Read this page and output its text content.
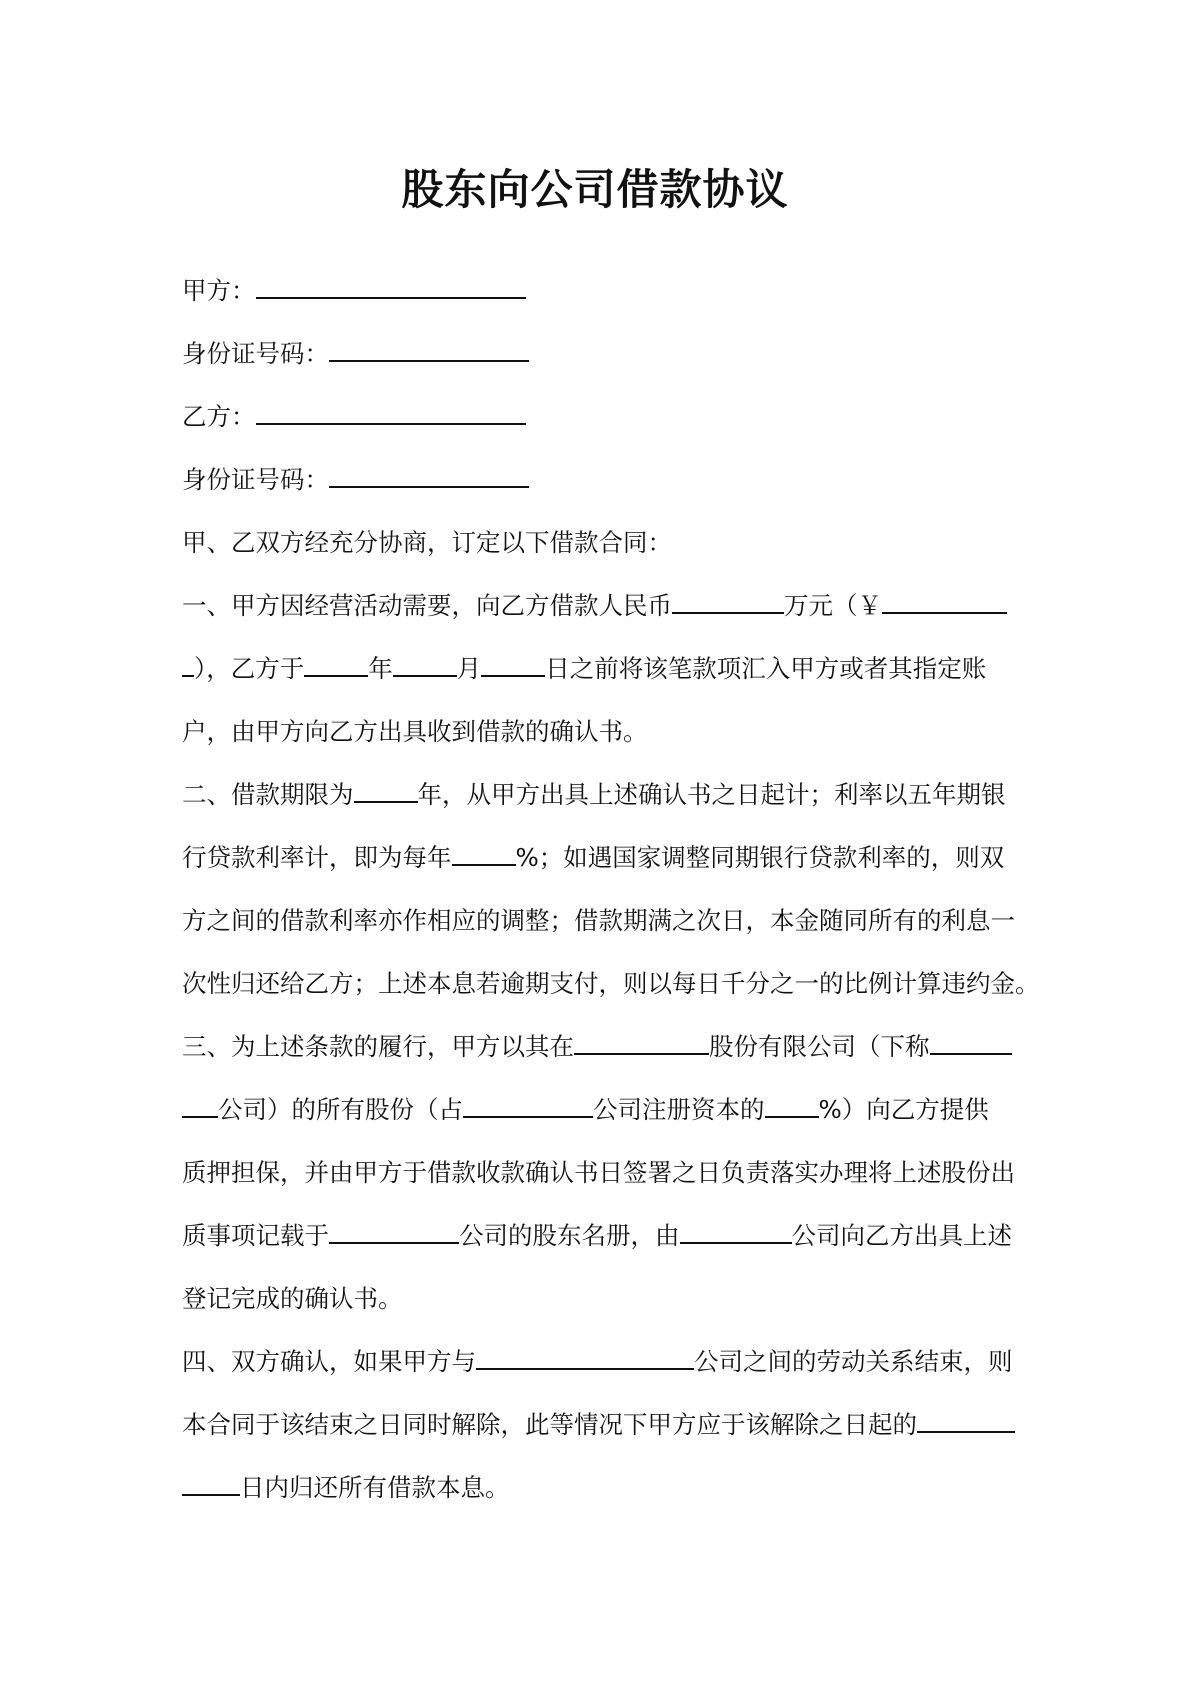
股东向公司借款协议
甲方：
身份证号码：
乙方：
身份证号码：
甲、乙双方经充分协商，订定以下借款合同：
一、甲方因经营活动需要，向乙方借款人民币	万元（￥
），乙方于	年	月	日之前将该笔款项汇入甲方或者其指定账
户，由甲方向乙方出具收到借款的确认书。
二、借款期限为	年，从甲方出具上述确认书之日起计；利率以五年期银
行贷款利率计，即为每年	%；如遇国家调整同期银行贷款利率的，则双
方之间的借款利率亦作相应的调整；借款期满之次日，本金随同所有的利息一
次性归还给乙方；上述本息若逾期支付，则以每日千分之一的比例计算违约金。
三、为上述条款的履行，甲方以其在	股份有限公司（下称
公司）的所有股份（占	公司注册资本的 %）向乙方提供
质押担保，并由甲方于借款收款确认书日签署之日负责落实办理将上述股份出
质事项记载于	公司的股东名册，由	公司向乙方出具上述
登记完成的确认书。
四、双方确认，如果甲方与	公司之间的劳动关系结束，则
本合同于该结束之日同时解除，此等情况下甲方应于该解除之日起的
日内归还所有借款本息。
